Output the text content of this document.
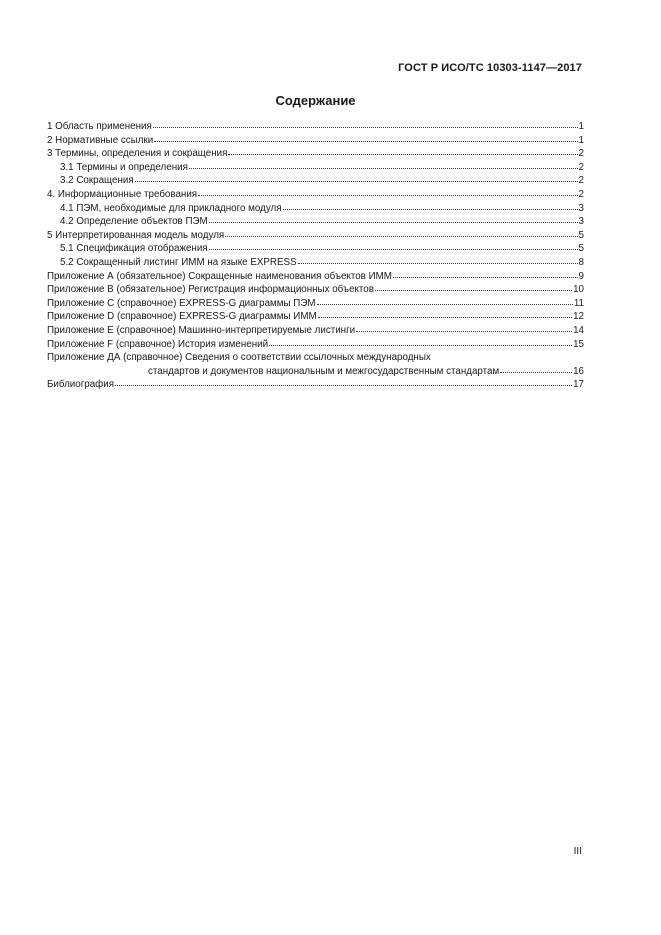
ГОСТ Р ИСО/ТС 10303-1147—2017
Содержание
1 Область применения	1
2 Нормативные ссылки	1
3 Термины, определения и сокращения	2
3.1 Термины и определения	2
3.2 Сокращения	2
4. Информационные требования	2
4.1 ПЭМ, необходимые для прикладного модуля	3
4.2 Определение объектов ПЭМ	3
5 Интерпретированная модель модуля	5
5.1 Спецификация отображения	5
5.2 Сокращенный листинг ИММ на языке EXPRESS	8
Приложение А (обязательное) Сокращенные наименования объектов ИММ	9
Приложение В (обязательное) Регистрация информационных объектов	10
Приложение С (справочное) EXPRESS-G диаграммы ПЭМ	11
Приложение D (справочное) EXPRESS-G диаграммы ИММ	12
Приложение Е (справочное) Машинно-интерпретируемые листинги	14
Приложение F (справочное) История изменений	15
Приложение ДА (справочное) Сведения о соответствии ссылочных международных
стандартов и документов национальным и межгосударственным стандартам	16
Библиография	17
III
